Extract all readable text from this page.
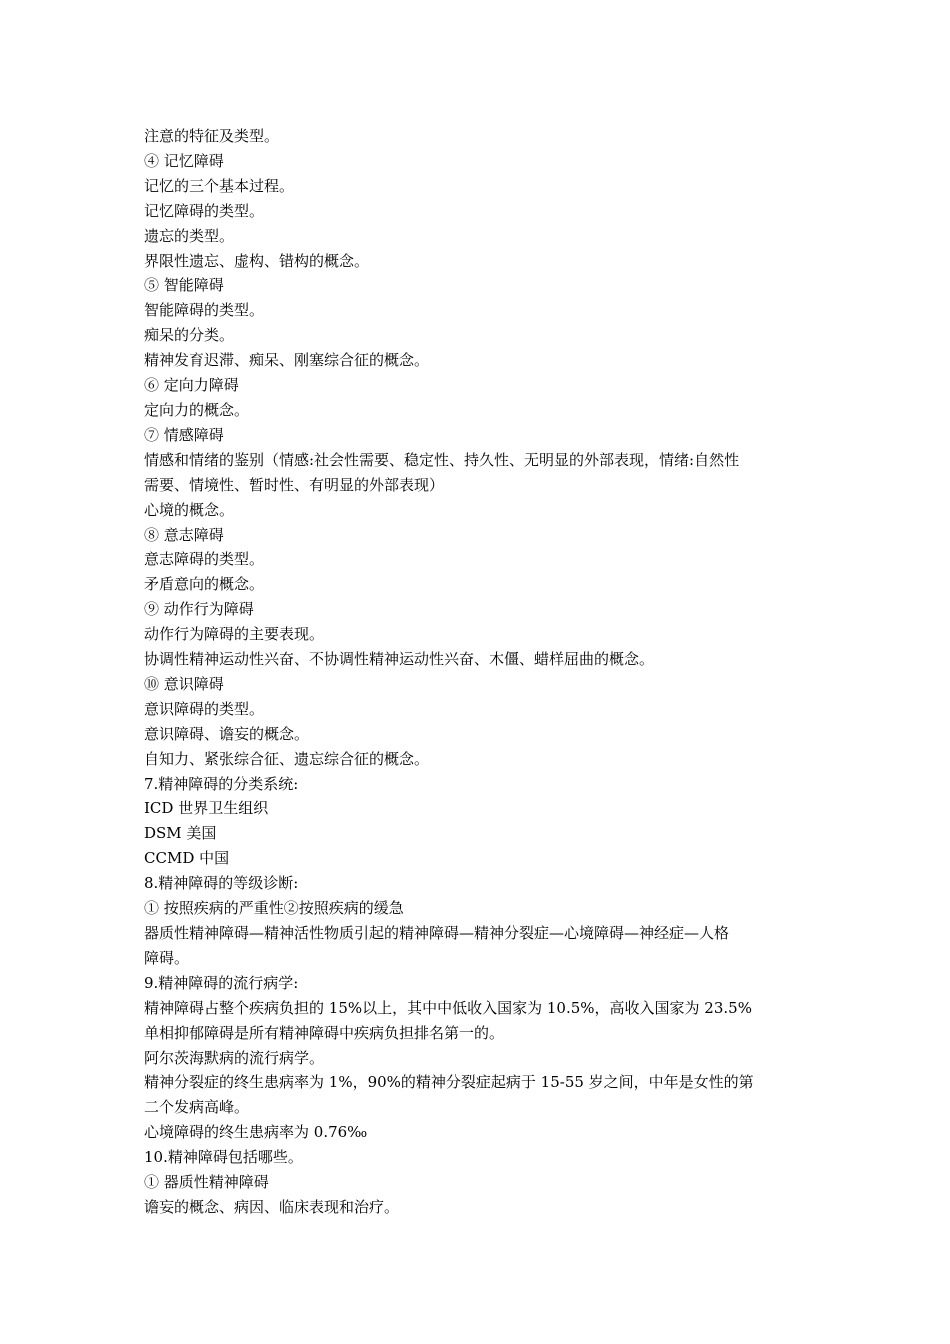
注意的特征及类型。
④ 记忆障碍
记忆的三个基本过程。
记忆障碍的类型。
遗忘的类型。
界限性遗忘、虚构、错构的概念。
⑤ 智能障碍
智能障碍的类型。
痴呆的分类。
精神发育迟滞、痴呆、刚塞综合征的概念。
⑥ 定向力障碍
定向力的概念。
⑦ 情感障碍
情感和情绪的鉴别（情感:社会性需要、稳定性、持久性、无明显的外部表现，情绪:自然性
需要、情境性、暂时性、有明显的外部表现）
心境的概念。
⑧ 意志障碍
意志障碍的类型。
矛盾意向的概念。
⑨ 动作行为障碍
动作行为障碍的主要表现。
协调性精神运动性兴奋、不协调性精神运动性兴奋、木僵、蜡样屈曲的概念。
⑩ 意识障碍
意识障碍的类型。
意识障碍、谵妄的概念。
自知力、紧张综合征、遗忘综合征的概念。
7.精神障碍的分类系统:
ICD 世界卫生组织
DSM 美国
CCMD 中国
8.精神障碍的等级诊断:
① 按照疾病的严重性②按照疾病的缓急
器质性精神障碍—精神活性物质引起的精神障碍—精神分裂症—心境障碍—神经症—人格
障碍。
9.精神障碍的流行病学:
精神障碍占整个疾病负担的 15%以上，其中中低收入国家为 10.5%，高收入国家为 23.5%
单相抑郁障碍是所有精神障碍中疾病负担排名第一的。
阿尔茨海默病的流行病学。
精神分裂症的终生患病率为 1%，90%的精神分裂症起病于 15-55 岁之间，中年是女性的第
二个发病高峰。
心境障碍的终生患病率为 0.76‰
10.精神障碍包括哪些。
① 器质性精神障碍
谵妄的概念、病因、临床表现和治疗。
